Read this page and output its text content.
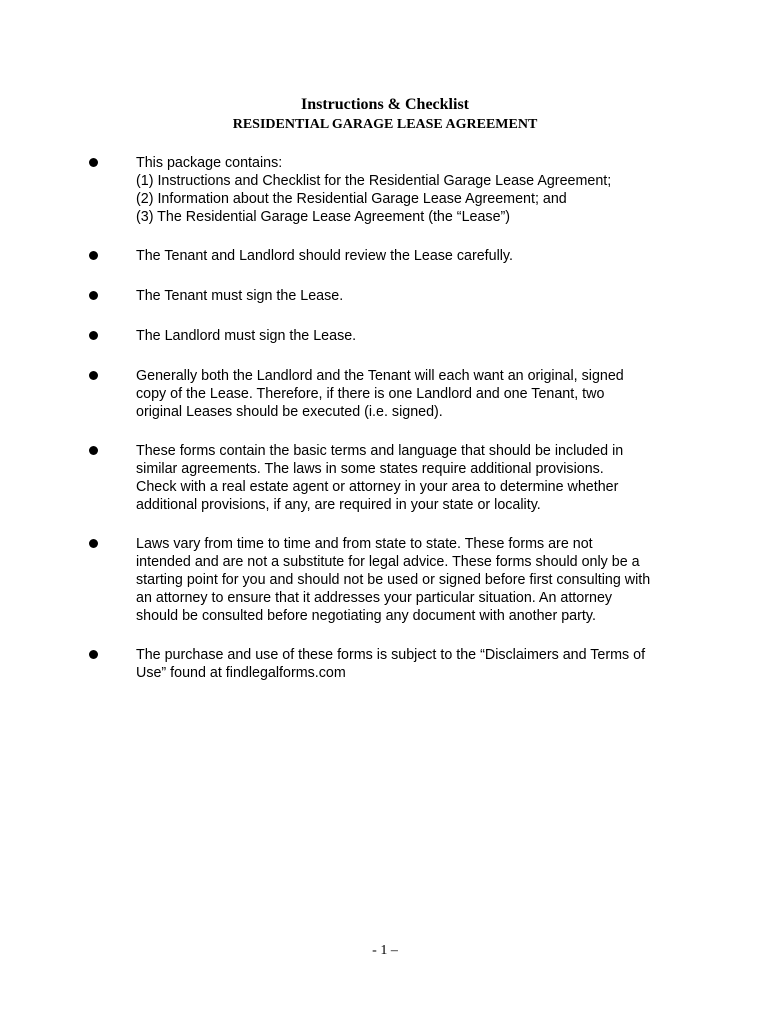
Instructions & Checklist
RESIDENTIAL GARAGE LEASE AGREEMENT

This package contains:
(1) Instructions and Checklist for the Residential Garage Lease Agreement;
(2) Information about the Residential Garage Lease Agreement; and
(3) The Residential Garage Lease Agreement (the “Lease”)

The Tenant and Landlord should review the Lease carefully.

The Tenant must sign the Lease.

The Landlord must sign the Lease.

Generally both the Landlord and the Tenant will each want an original, signed
copy of the Lease. Therefore, if there is one Landlord and one Tenant, two
original Leases should be executed (i.e. signed).

These forms contain the basic terms and language that should be included in
similar agreements. The laws in some states require additional provisions.
Check with a real estate agent or attorney in your area to determine whether
additional provisions, if any, are required in your state or locality.

Laws vary from time to time and from state to state. These forms are not
intended and are not a substitute for legal advice. These forms should only be a
starting point for you and should not be used or signed before first consulting with
an attorney to ensure that it addresses your particular situation. An attorney
should be consulted before negotiating any document with another party.

The purchase and use of these forms is subject to the “Disclaimers and Terms of
Use” found at findlegalforms.com

- 1 –
